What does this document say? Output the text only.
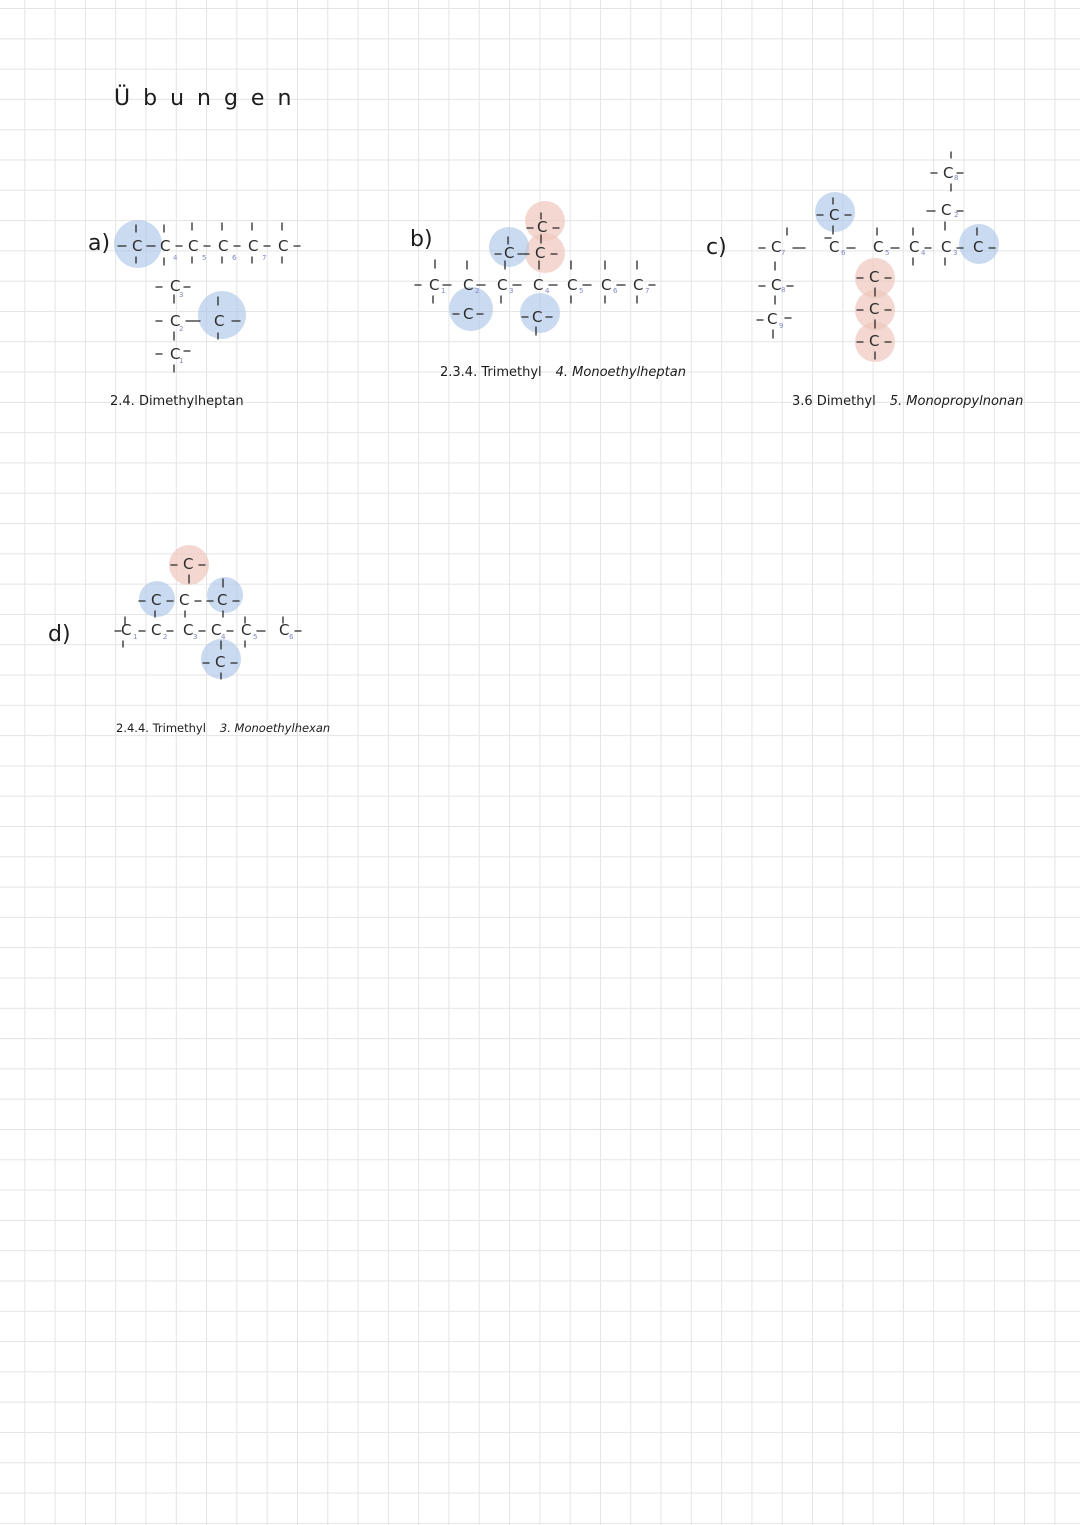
Übungen
a) C C C C C C
4	5	6	7
C
C C
C
3
2
1
2.4. Dimethylheptan
b)	C
C C
C C C C C C C
1	2	3	4	5	6	7
C	C
2.3.4. Trimethyl 4. Monoethylheptan
c)
C
C
8
2
C
C
C C C C C
7	6	5	4	3
C
C
8
9
C
C
C
3.6 Dimethyl 5. Monopropylnonan
d)
C
C C C
C C C C C C
1	2	3	4	5	6
C
2.4.4. Trimethyl 3. Monoethylhexan
